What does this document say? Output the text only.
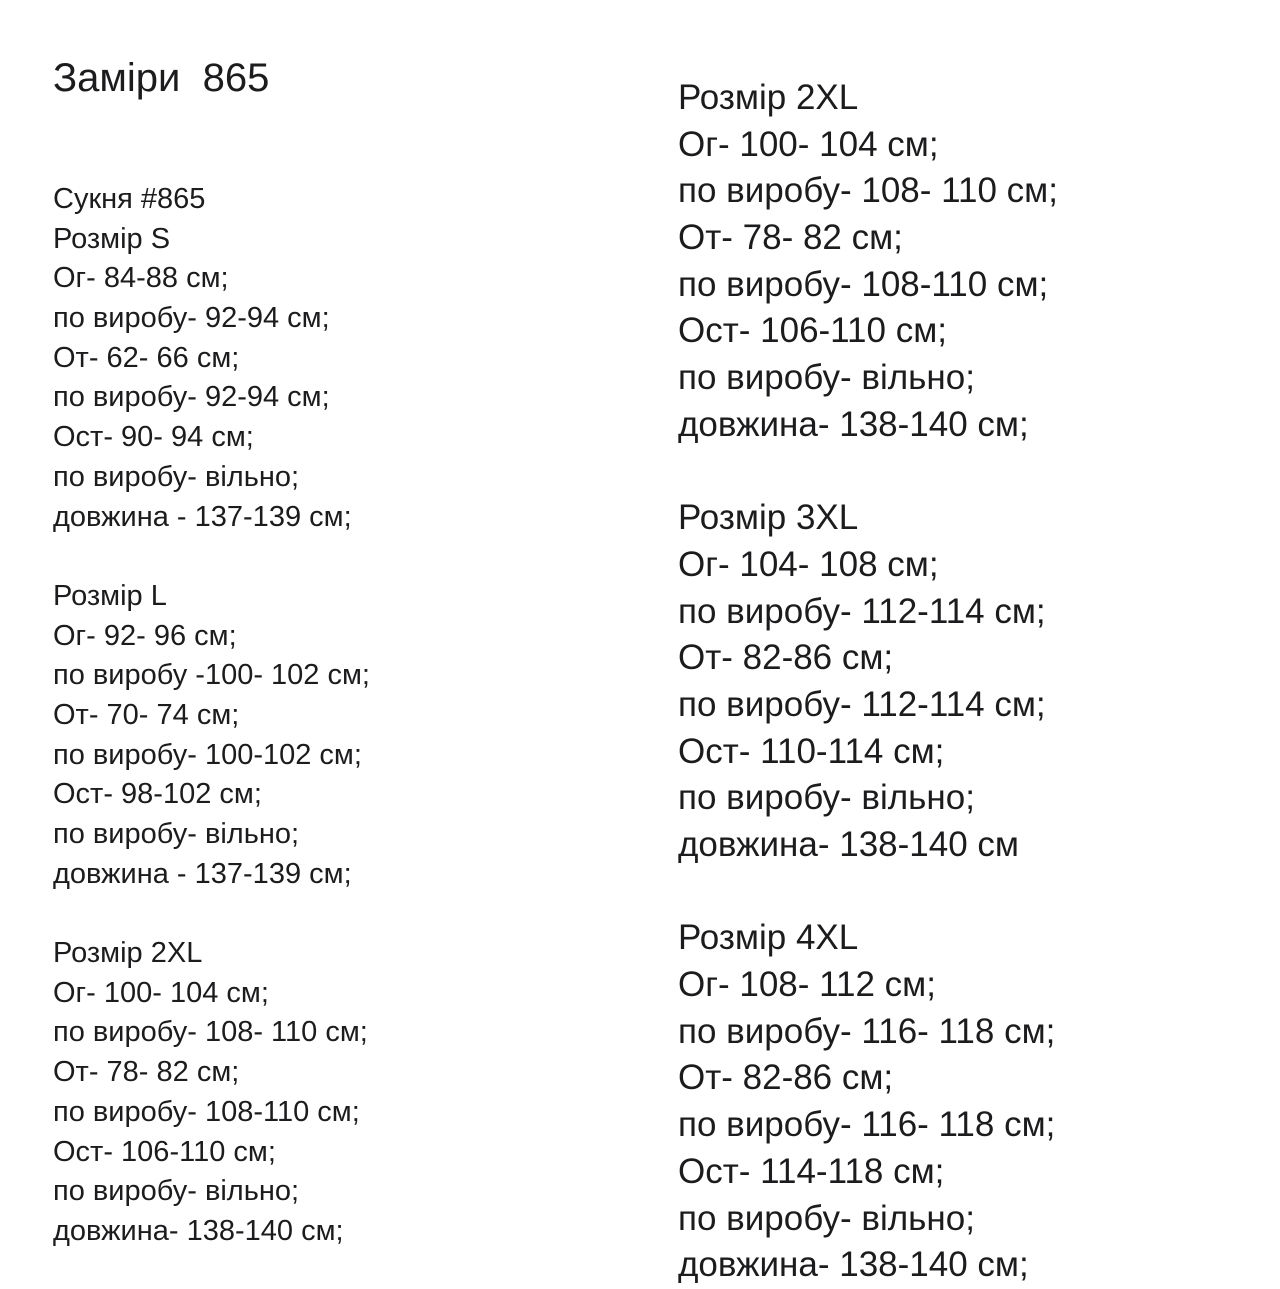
Заміри  865
Сукня #865
Розмір S
Ог- 84-88 см;
по виробу- 92-94 см;
От- 62- 66 см;
по виробу- 92-94 см;
Ост- 90- 94 см;
по виробу- вільно;
довжина - 137-139 см;
Розмір L
Ог- 92- 96 см;
по виробу -100- 102 см;
От- 70- 74 см;
по виробу- 100-102 см;
Ост- 98-102 см;
по виробу- вільно;
довжина - 137-139 см;
Розмір 2XL
Ог- 100- 104 см;
по виробу- 108- 110 см;
От- 78- 82 см;
по виробу- 108-110 см;
Ост- 106-110 см;
по виробу- вільно;
довжина- 138-140 см;
Розмір 2XL
Ог- 100- 104 см;
по виробу- 108- 110 см;
От- 78- 82 см;
по виробу- 108-110 см;
Ост- 106-110 см;
по виробу- вільно;
довжина- 138-140 см;
Розмір 3XL
Ог- 104- 108 см;
по виробу- 112-114 см;
От- 82-86 см;
по виробу- 112-114 см;
Ост- 110-114 см;
по виробу- вільно;
довжина- 138-140 см
Розмір 4XL
Ог- 108- 112 см;
по виробу- 116- 118 см;
От- 82-86 см;
по виробу- 116- 118 см;
Ост- 114-118 см;
по виробу- вільно;
довжина- 138-140 см;
